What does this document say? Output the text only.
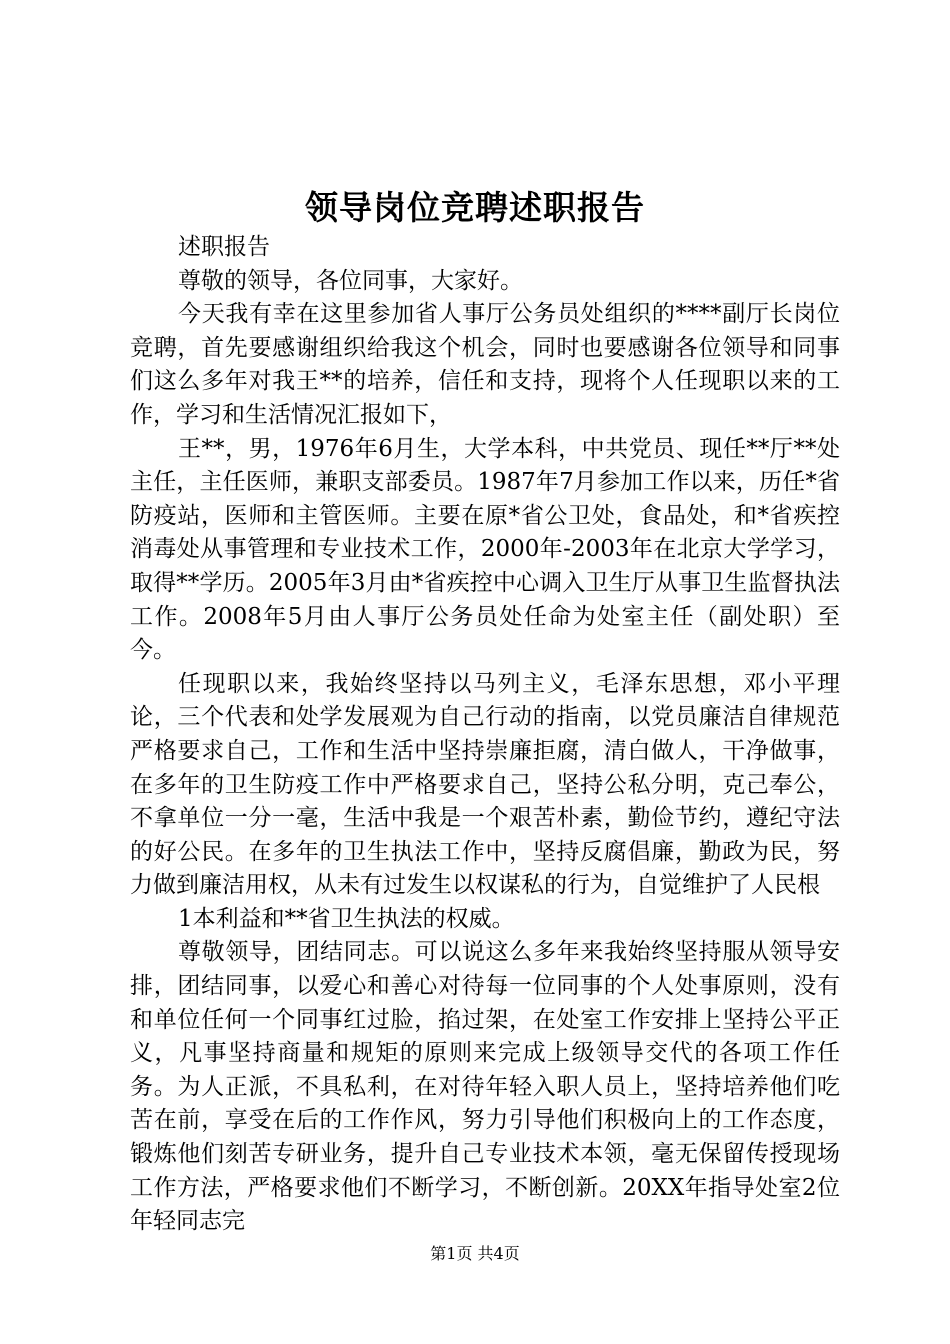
领导岗位竞聘述职报告

述职报告

尊敬的领导，各位同事，大家好。

今天我有幸在这里参加省人事厅公务员处组织的****副厅长岗位竞聘，首先要感谢组织给我这个机会，同时也要感谢各位领导和同事们这么多年对我王**的培养，信任和支持，现将个人任现职以来的工作，学习和生活情况汇报如下，

王**，男，1976年6月生，大学本科，中共党员、现任**厅**处主任，主任医师，兼职支部委员。1987年7月参加工作以来，历任*省防疫站，医师和主管医师。主要在原*省公卫处，食品处，和*省疾控消毒处从事管理和专业技术工作，2000年-2003年在北京大学学习，取得**学历。2005年3月由*省疾控中心调入卫生厅从事卫生监督执法工作。2008年5月由人事厅公务员处任命为处室主任（副处职）至今。

任现职以来，我始终坚持以马列主义，毛泽东思想，邓小平理论，三个代表和处学发展观为自己行动的指南，以党员廉洁自律规范严格要求自己，工作和生活中坚持崇廉拒腐，清白做人，干净做事，在多年的卫生防疫工作中严格要求自己，坚持公私分明，克己奉公，不拿单位一分一毫，生活中我是一个艰苦朴素，勤俭节约，遵纪守法的好公民。在多年的卫生执法工作中，坚持反腐倡廉，勤政为民，努力做到廉洁用权，从未有过发生以权谋私的行为，自觉维护了人民根

1本利益和**省卫生执法的权威。

尊敬领导，团结同志。可以说这么多年来我始终坚持服从领导安排，团结同事，以爱心和善心对待每一位同事的个人处事原则，没有和单位任何一个同事红过脸，掐过架，在处室工作安排上坚持公平正义，凡事坚持商量和规矩的原则来完成上级领导交代的各项工作任务。为人正派，不具私利，在对待年轻入职人员上，坚持培养他们吃苦在前，享受在后的工作作风，努力引导他们积极向上的工作态度，锻炼他们刻苦专研业务，提升自己专业技术本领，毫无保留传授现场工作方法，严格要求他们不断学习，不断创新。20XX年指导处室2位年轻同志完

第1页 共4页
